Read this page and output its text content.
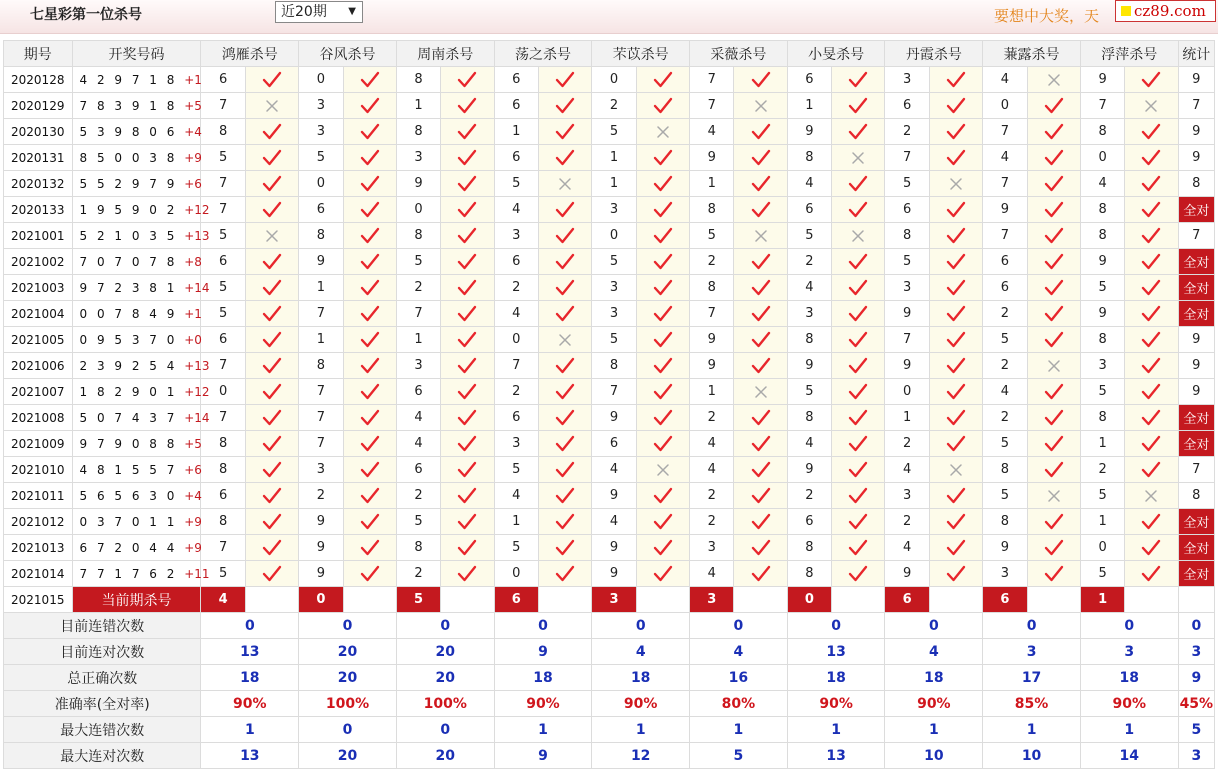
七星彩第一位杀号	近20期 ▼	要想中大奖，天	cz89.com
期号	开奖号码	鸿雁杀号		谷风杀号		周南杀号		荡之杀号		芣苡杀号		采薇杀号		小旻杀号		丹霞杀号		蒹露杀号		浮萍杀号		统计
2020128	4 2 9 7 1 8 +1	6		0		8		6		0		7		6		3		4		9		9
2020129	7 8 3 9 1 8 +5	7		3		1		6		2		7		1		6		0		7		7
2020130	5 3 9 8 0 6 +4	8		3		8		1		5		4		9		2		7		8		9
2020131	8 5 0 0 3 8 +9	5		5		3		6		1		9		8		7		4		0		9
2020132	5 5 2 9 7 9 +6	7		0		9		5		1		1		4		5		7		4		8
2020133	1 9 5 9 0 2 +12	7		6		0		4		3		8		6		6		9		8		全对
2021001	5 2 1 0 3 5 +13	5		8		8		3		0		5		5		8		7		8		7
2021002	7 0 7 0 7 8 +8	6		9		5		6		5		2		2		5		6		9		全对
2021003	9 7 2 3 8 1 +14	5		1		2		2		3		8		4		3		6		5		全对
2021004	0 0 7 8 4 9 +1	5		7		7		4		3		7		3		9		2		9		全对
2021005	0 9 5 3 7 0 +0	6		1		1		0		5		9		8		7		5		8		9
2021006	2 3 9 2 5 4 +13	7		8		3		7		8		9		9		9		2		3		9
2021007	1 8 2 9 0 1 +12	0		7		6		2		7		1		5		0		4		5		9
2021008	5 0 7 4 3 7 +14	7		7		4		6		9		2		8		1		2		8		全对
2021009	9 7 9 0 8 8 +5	8		7		4		3		6		4		4		2		5		1		全对
2021010	4 8 1 5 5 7 +6	8		3		6		5		4		4		9		4		8		2		7
2021011	5 6 5 6 3 0 +4	6		2		2		4		9		2		2		3		5		5		8
2021012	0 3 7 0 1 1 +9	8		9		5		1		4		2		6		2		8		1		全对
2021013	6 7 2 0 4 4 +9	7		9		8		5		9		3		8		4		9		0		全对
2021014	7 7 1 7 6 2 +11	5		9		2		0		9		4		8		9		3		5		全对
2021015	当前期杀号	4		0		5		6		3		3		0		6		6		1		
目前连错次数		0		0		0		0		0		0		0		0		0		0		0
目前连对次数		13		20		20		9		4		4		13		4		3		3		3
总正确次数		18		20		20		18		18		16		18		18		17		18		9
准确率(全对率)		90%		100%		100%		90%		90%		80%		90%		90%		85%		90%		45%
最大连错次数		1		0		0		1		1		1		1		1		1		1		5
最大连对次数		13		20		20		9		12		5		13		10		10		14		3
